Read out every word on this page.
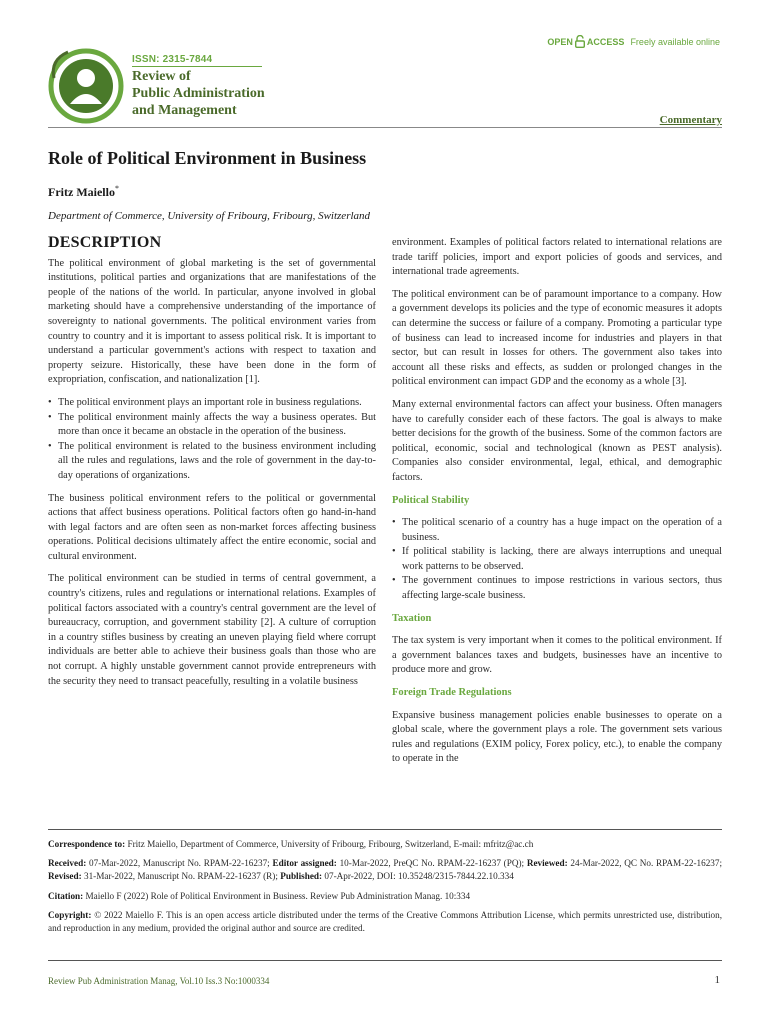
ISSN: 2315-7844
Review of
Public Administration
and Management
OPEN ACCESS Freely available online
Commentary
Role of Political Environment in Business
Fritz Maiello*
Department of Commerce, University of Fribourg, Fribourg, Switzerland
DESCRIPTION

The political environment of global marketing is the set of governmental institutions, political parties and organizations that are manifestations of the people of the nations of the world. In particular, anyone involved in global marketing should have a comprehensive understanding of the importance of sovereignty to national governments. The political environment varies from country to country and it is important to assess political risk. It is important to understand a particular government's actions with respect to taxation and property seizure. Historically, these have been done in the form of expropriation, confiscation, and nationalization [1].

• The political environment plays an important role in business regulations.
• The political environment mainly affects the way a business operates. But more than once it became an obstacle in the operation of the business.
• The political environment is related to the business environment including all the rules and regulations, laws and the role of government in the day-to-day operations of organizations.

The business political environment refers to the political or governmental actions that affect business operations. Political factors often go hand-in-hand with legal factors and are often seen as non-market forces affecting business operations. Political decisions ultimately affect the entire economic, social and cultural environment.

The political environment can be studied in terms of central government, a country's citizens, rules and regulations or international relations. Examples of political factors associated with a country's central government are the level of bureaucracy, corruption, and government stability [2]. A culture of corruption in a country stifles business by creating an uneven playing field where corrupt individuals are better able to achieve their business goals than those who are not corrupt. A highly unstable government cannot provide entrepreneurs with the security they need to transact peacefully, resulting in a volatile business

environment. Examples of political factors related to international relations are trade tariff policies, import and export policies of goods and services, and international trade agreements.

The political environment can be of paramount importance to a company. How a government develops its policies and the type of economic measures it adopts can determine the success or failure of a company. Promoting a particular type of business can lead to increased income for industries and players in that sector, but can result in losses for others. The government also takes into account all these risks and effects, as sudden or prolonged changes in the political environment can impact GDP and the economy as a whole [3].

Many external environmental factors can affect your business. Often managers have to carefully consider each of these factors. The goal is always to make better decisions for the growth of the business. Some of the common factors are political, economic, social and technological (known as PEST analysis). Companies also consider environmental, legal, ethical, and demographic factors.

Political Stability
• The political scenario of a country has a huge impact on the operation of a business.
• If political stability is lacking, there are always interruptions and unequal work patterns to be observed.
• The government continues to impose restrictions in various sectors, thus affecting large-scale business.
Taxation

The tax system is very important when it comes to the political environment. If a government balances taxes and budgets, businesses have an incentive to produce more and grow.

Foreign Trade Regulations

Expansive business management policies enable businesses to operate on a global scale, where the government plays a role. The government sets various rules and regulations (EXIM policy, Forex policy, etc.), to enable the company to operate in the

Correspondence to: Fritz Maiello, Department of Commerce, University of Fribourg, Fribourg, Switzerland, E-mail: mfritz@ac.ch
Received: 07-Mar-2022, Manuscript No. RPAM-22-16237; Editor assigned: 10-Mar-2022, PreQC No. RPAM-22-16237 (PQ); Reviewed: 24-Mar-2022, QC No. RPAM-22-16237; Revised: 31-Mar-2022, Manuscript No. RPAM-22-16237 (R); Published: 07-Apr-2022, DOI: 10.35248/2315-7844.22.10.334
Citation: Maiello F (2022) Role of Political Environment in Business. Review Pub Administration Manag. 10:334
Copyright: © 2022 Maiello F. This is an open access article distributed under the terms of the Creative Commons Attribution License, which permits unrestricted use, distribution, and reproduction in any medium, provided the original author and source are credited.
Review Pub Administration Manag, Vol.10 Iss.3 No:1000334	1
